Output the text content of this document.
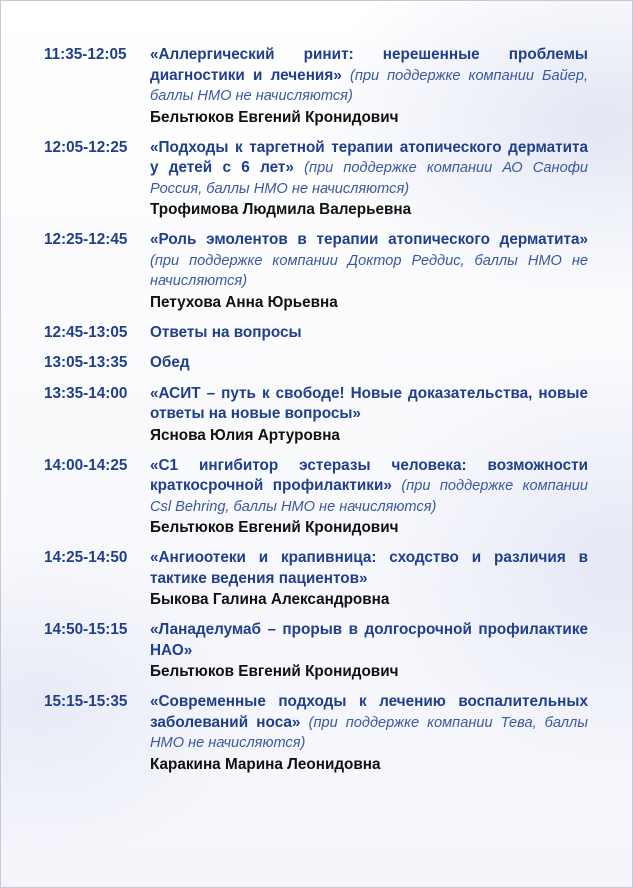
11:35-12:05	«Аллергический ринит: нерешенные проблемы диагностики и лечения» (при поддержке компании Байер, баллы НМО не начисляются)
Бельтюков Евгений Кронидович
12:05-12:25	«Подходы к таргетной терапии атопического дерматита у детей с 6 лет» (при поддержке компании АО Санофи Россия, баллы НМО не начисляются)
Трофимова Людмила Валерьевна
12:25-12:45	«Роль эмолентов в терапии атопического дерматита» (при поддержке компании Доктор Реддис, баллы НМО не начисляются)
Петухова Анна Юрьевна
12:45-13:05	Ответы на вопросы
13:05-13:35	Обед
13:35-14:00	«АСИТ – путь к свободе! Новые доказательства, новые ответы на новые вопросы»
Яснова Юлия Артуровна
14:00-14:25	«С1 ингибитор эстеразы человека: возможности краткосрочной профилактики» (при поддержке компании Csl Behring, баллы НМО не начисляются)
Бельтюков Евгений Кронидович
14:25-14:50	«Ангиоотеки и крапивница: сходство и различия в тактике ведения пациентов»
Быкова Галина Александровна
14:50-15:15	«Ланаделумаб – прорыв в долгосрочной профилактике НАО»
Бельтюков Евгений Кронидович
15:15-15:35	«Современные подходы к лечению воспалительных заболеваний носа» (при поддержке компании Тева, баллы НМО не начисляются)
Каракина Марина Леонидовна
